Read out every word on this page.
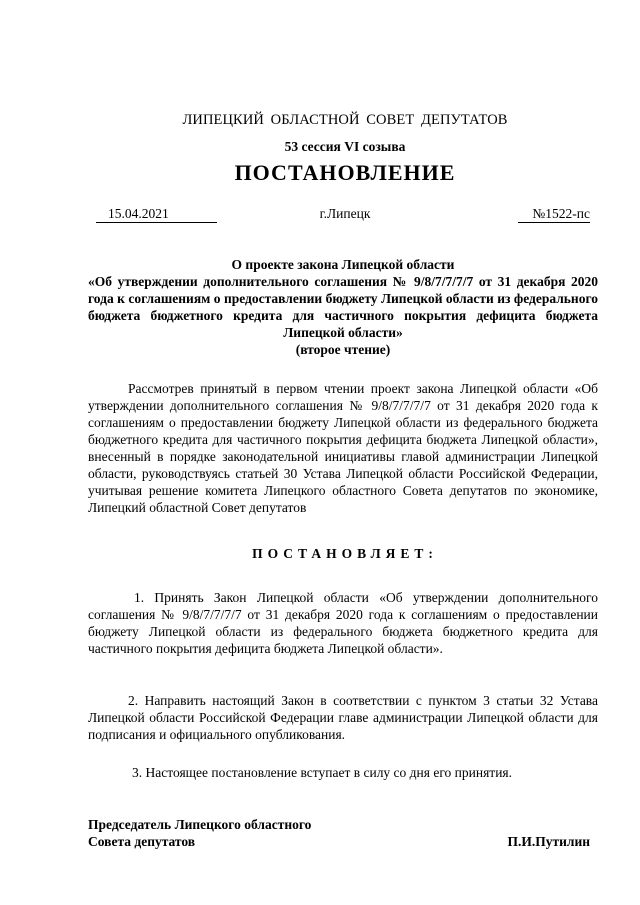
ЛИПЕЦКИЙ ОБЛАСТНОЙ СОВЕТ ДЕПУТАТОВ
53 сессия VI созыва
ПОСТАНОВЛЕНИЕ
15.04.2021	г.Липецк	№1522-пс
О проекте закона Липецкой области
«Об утверждении дополнительного соглашения № 9/8/7/7/7/7 от 31 декабря 2020 года к соглашениям о предоставлении бюджету Липецкой области из федерального бюджета бюджетного кредита для частичного покрытия дефицита бюджета Липецкой области»
(второе чтение)
Рассмотрев принятый в первом чтении проект закона Липецкой области «Об утверждении дополнительного соглашения № 9/8/7/7/7/7 от 31 декабря 2020 года к соглашениям о предоставлении бюджету Липецкой области из федерального бюджета бюджетного кредита для частичного покрытия дефицита бюджета Липецкой области», внесенный в порядке законодательной инициативы главой администрации Липецкой области, руководствуясь статьей 30 Устава Липецкой области Российской Федерации, учитывая решение комитета Липецкого областного Совета депутатов по экономике, Липецкий областной Совет депутатов
ПОСТАНОВЛЯЕТ:
1. Принять Закон Липецкой области «Об утверждении дополнительного соглашения № 9/8/7/7/7/7 от 31 декабря 2020 года к соглашениям о предоставлении бюджету Липецкой области из федерального бюджета бюджетного кредита для частичного покрытия дефицита бюджета Липецкой области».
2. Направить настоящий Закон в соответствии с пунктом 3 статьи 32 Устава Липецкой области Российской Федерации главе администрации Липецкой области для подписания и официального опубликования.
3. Настоящее постановление вступает в силу со дня его принятия.
Председатель Липецкого областного
Совета депутатов	П.И.Путилин
